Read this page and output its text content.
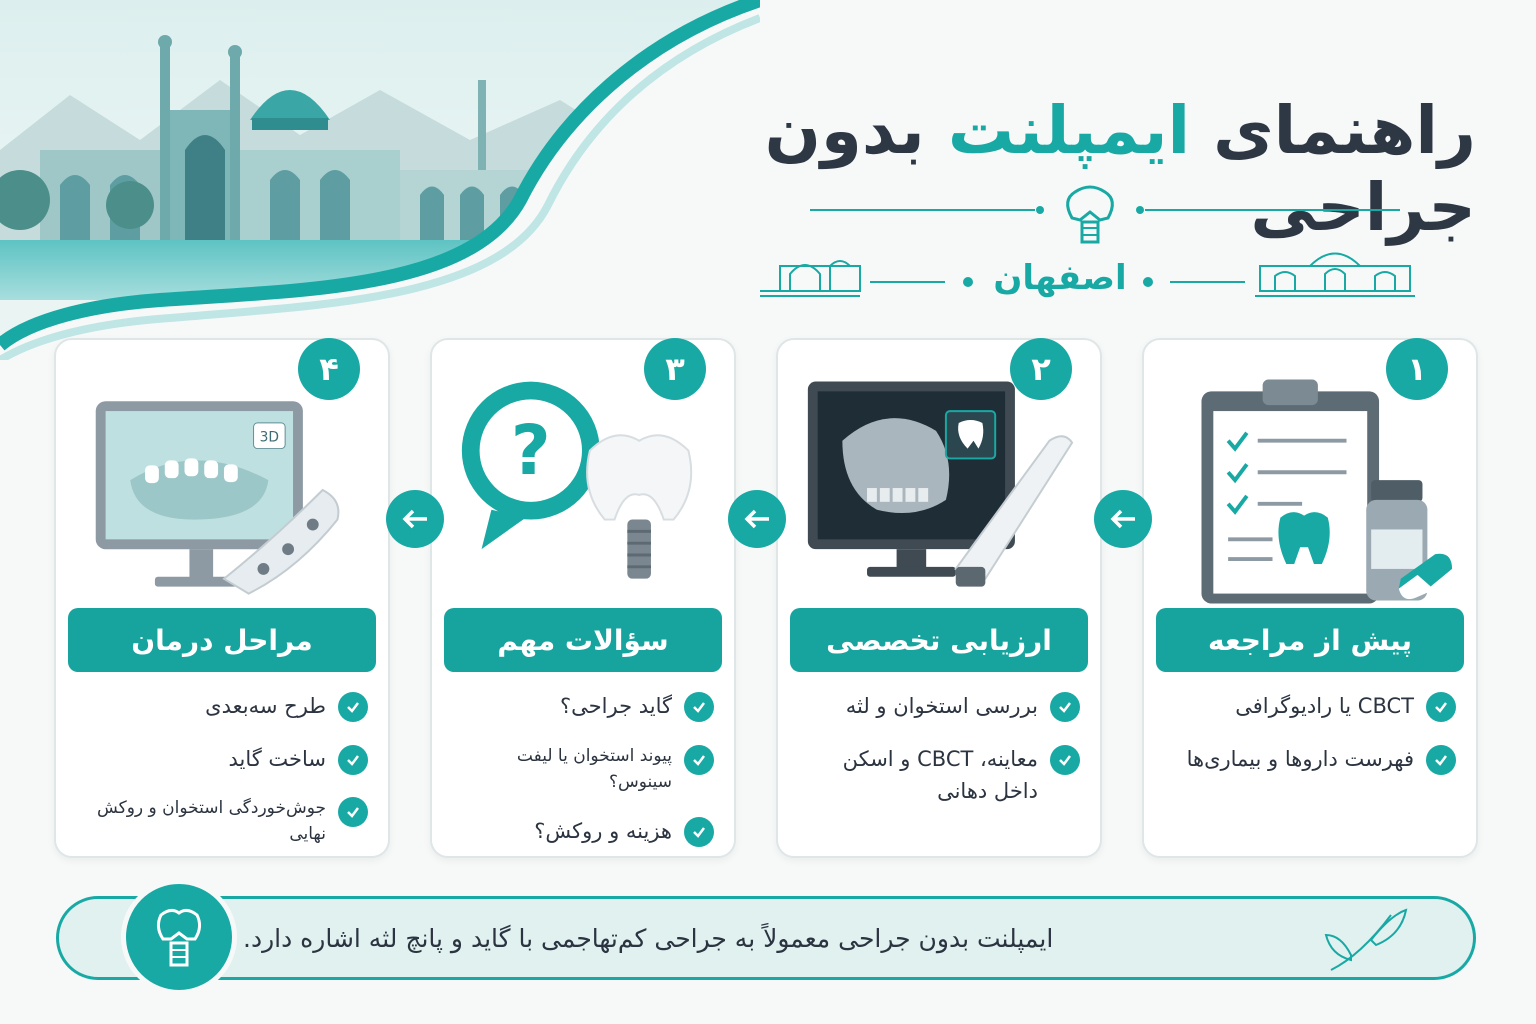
راهنمای ایمپلنت بدون جراحی
اصفهان
۴
3D
مراحل درمان
طرح سه‌بعدی
ساخت گاید
جوش‌خوردگی استخوان و روکش نهایی
۳
?
سؤالات مهم
گاید جراحی؟
پیوند استخوان یا لیفت سینوس؟
هزینه و روکش؟
۲
ارزیابی تخصصی
بررسی استخوان و لثه
معاینه، CBCT و اسکن داخل دهانی
۱
پیش از مراجعه
CBCT یا رادیوگرافی
فهرست داروها و بیماری‌ها
ایمپلنت بدون جراحی معمولاً به جراحی کم‌تهاجمی با گاید و پانچ لثه اشاره دارد.
